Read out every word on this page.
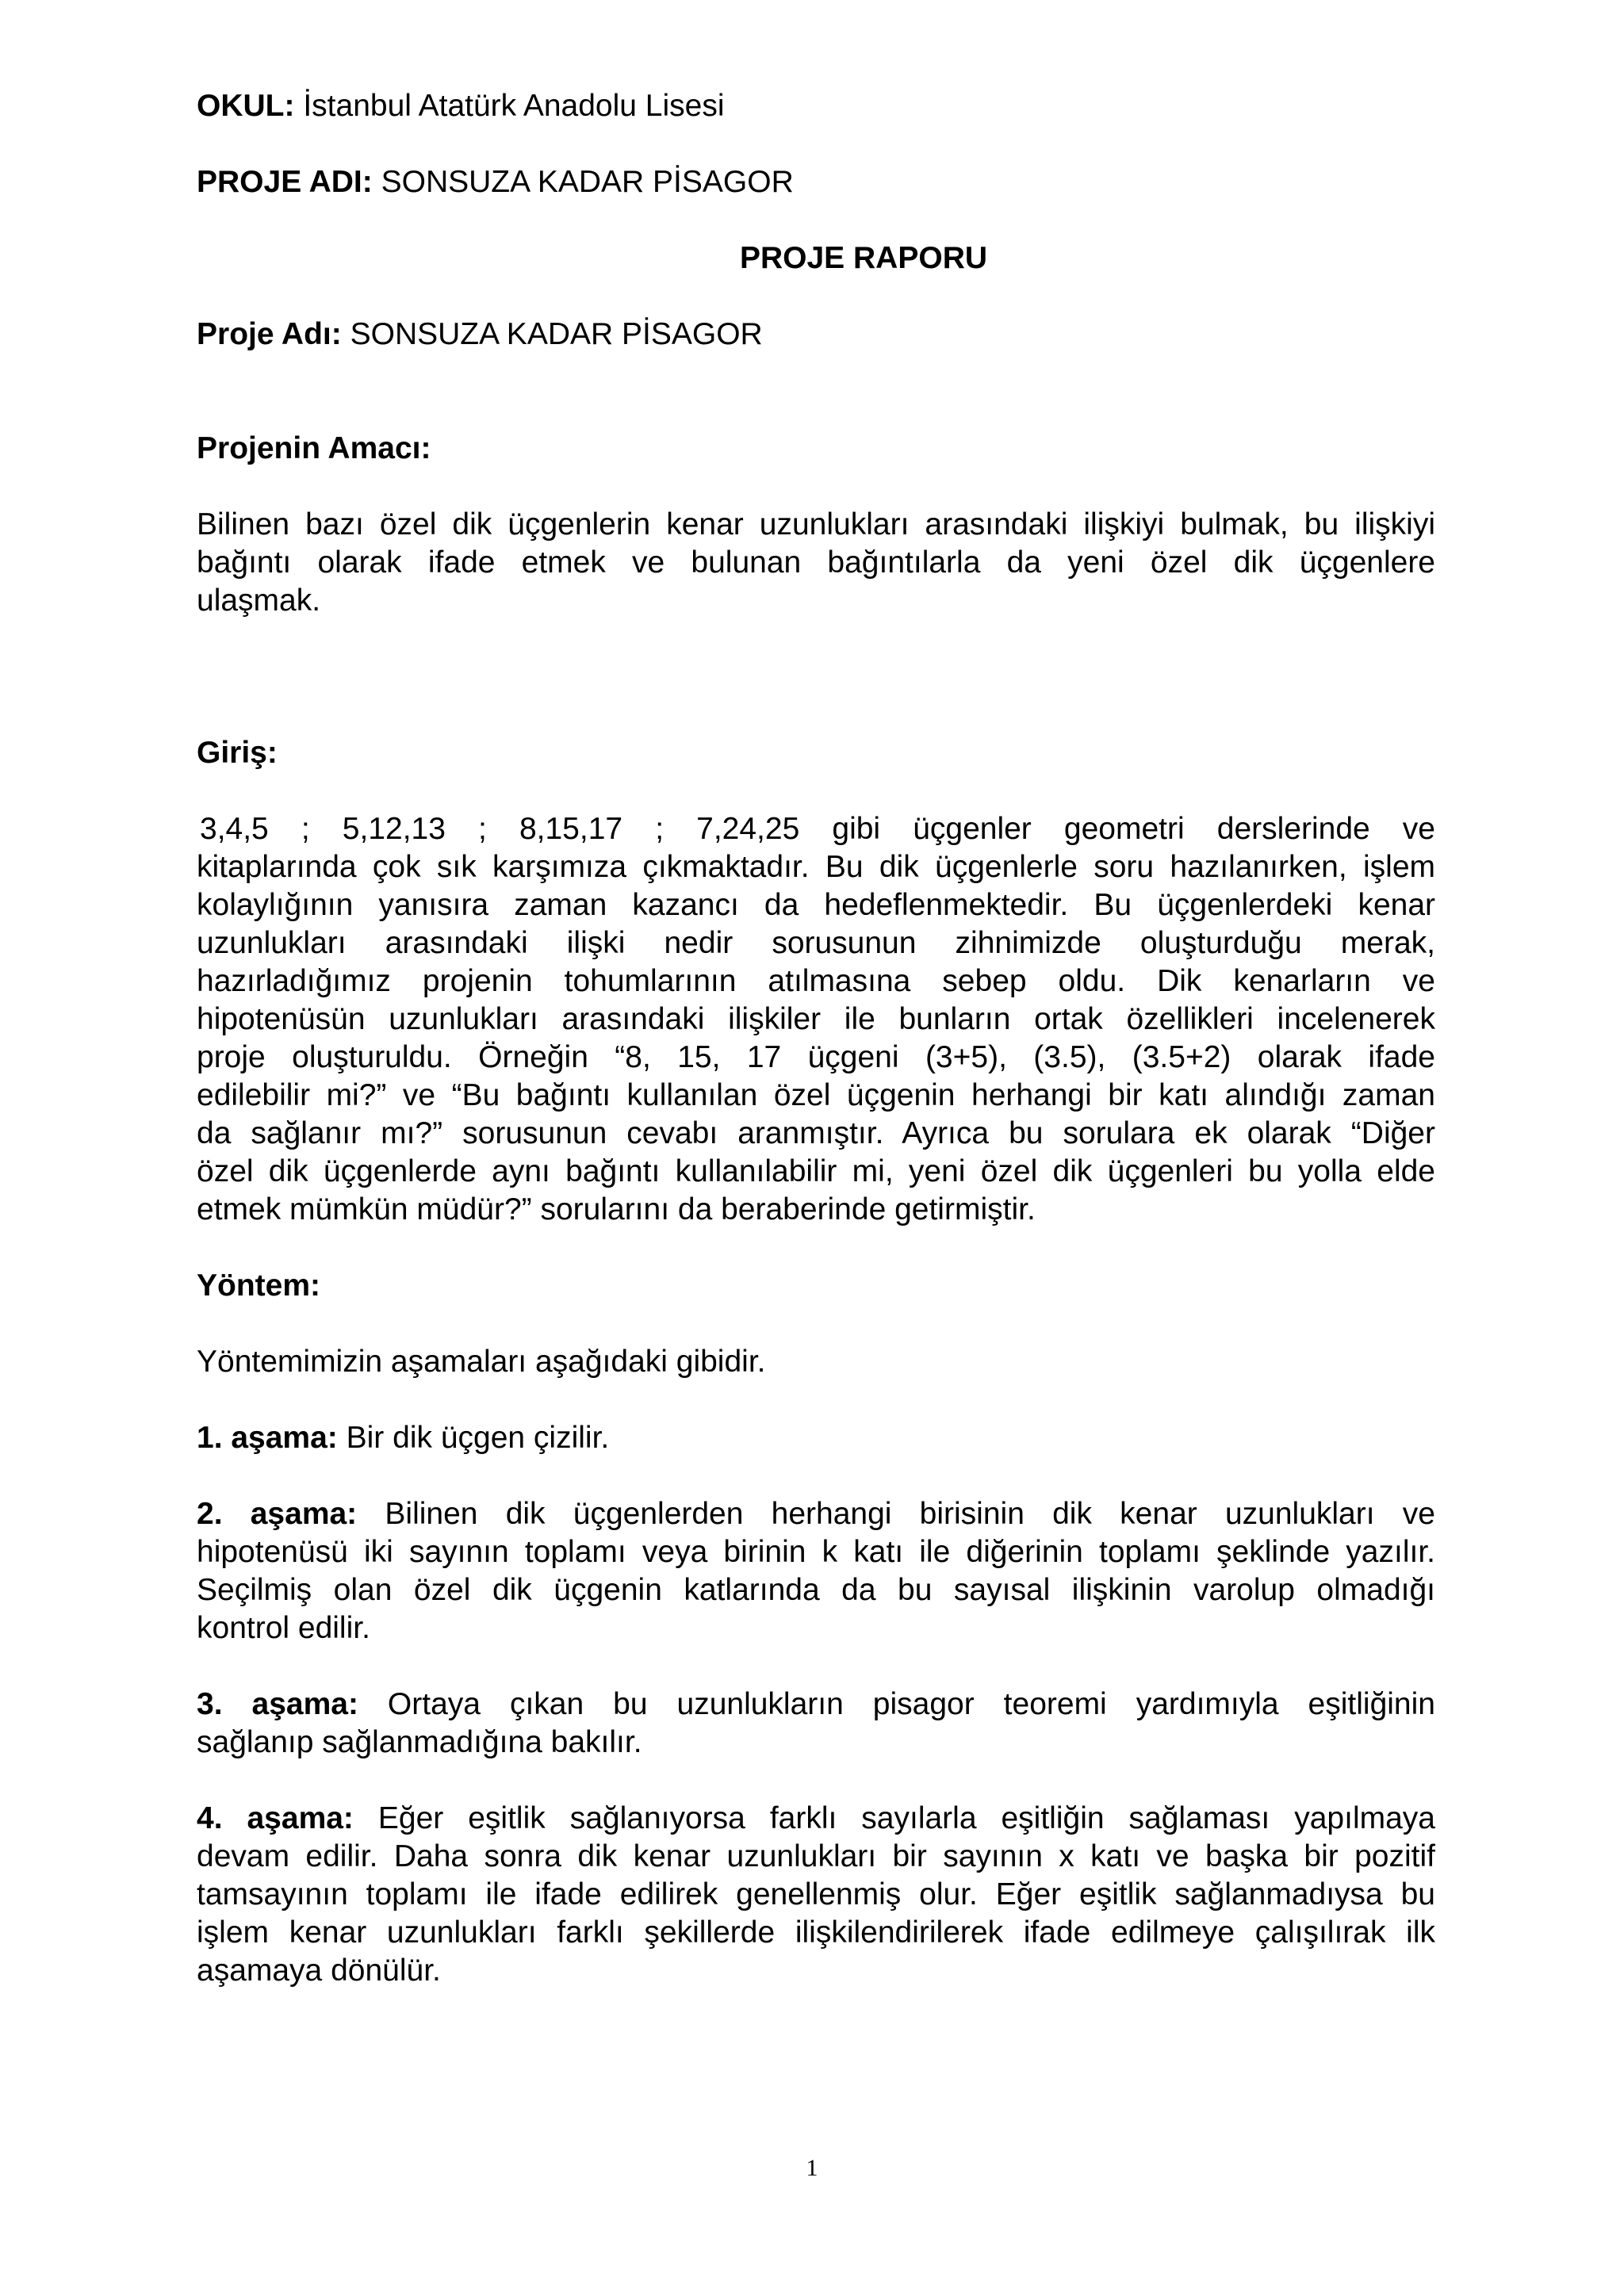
OKUL: İstanbul Atatürk Anadolu Lisesi

PROJE ADI: SONSUZA KADAR PİSAGOR

PROJE RAPORU

Proje Adı: SONSUZA KADAR PİSAGOR

Projenin Amacı:

Bilinen bazı özel dik üçgenlerin kenar uzunlukları arasındaki ilişkiyi bulmak, bu ilişkiyi
bağıntı olarak ifade etmek ve bulunan bağıntılarla da yeni özel dik üçgenlere
ulaşmak.

Giriş:

3,4,5 ; 5,12,13 ; 8,15,17 ; 7,24,25 gibi üçgenler geometri derslerinde ve
kitaplarında çok sık karşımıza çıkmaktadır. Bu dik üçgenlerle soru hazılanırken, işlem
kolaylığının yanısıra zaman kazancı da hedeflenmektedir. Bu üçgenlerdeki kenar
uzunlukları arasındaki ilişki nedir sorusunun zihnimizde oluşturduğu merak,
hazırladığımız projenin tohumlarının atılmasına sebep oldu. Dik kenarların ve
hipotenüsün uzunlukları arasındaki ilişkiler ile bunların ortak özellikleri incelenerek
proje oluşturuldu. Örneğin “8, 15, 17 üçgeni (3+5), (3.5), (3.5+2) olarak ifade
edilebilir mi?” ve “Bu bağıntı kullanılan özel üçgenin herhangi bir katı alındığı zaman
da sağlanır mı?” sorusunun cevabı aranmıştır. Ayrıca bu sorulara ek olarak “Diğer
özel dik üçgenlerde aynı bağıntı kullanılabilir mi, yeni özel dik üçgenleri bu yolla elde
etmek mümkün müdür?” sorularını da beraberinde getirmiştir.

Yöntem:

Yöntemimizin aşamaları aşağıdaki gibidir.

1. aşama: Bir dik üçgen çizilir.
2. aşama: Bilinen dik üçgenlerden herhangi birisinin dik kenar uzunlukları ve
hipotenüsü iki sayının toplamı veya birinin k katı ile diğerinin toplamı şeklinde yazılır.
Seçilmiş olan özel dik üçgenin katlarında da bu sayısal ilişkinin varolup olmadığı
kontrol edilir.
3. aşama: Ortaya çıkan bu uzunlukların pisagor teoremi yardımıyla eşitliğinin
sağlanıp sağlanmadığına bakılır.
4. aşama: Eğer eşitlik sağlanıyorsa farklı sayılarla eşitliğin sağlaması yapılmaya
devam edilir. Daha sonra dik kenar uzunlukları bir sayının x katı ve başka bir pozitif
tamsayının toplamı ile ifade edilirek genellenmiş olur. Eğer eşitlik sağlanmadıysa bu
işlem kenar uzunlukları farklı şekillerde ilişkilendirilerek ifade edilmeye çalışılırak ilk
aşamaya dönülür.
1
